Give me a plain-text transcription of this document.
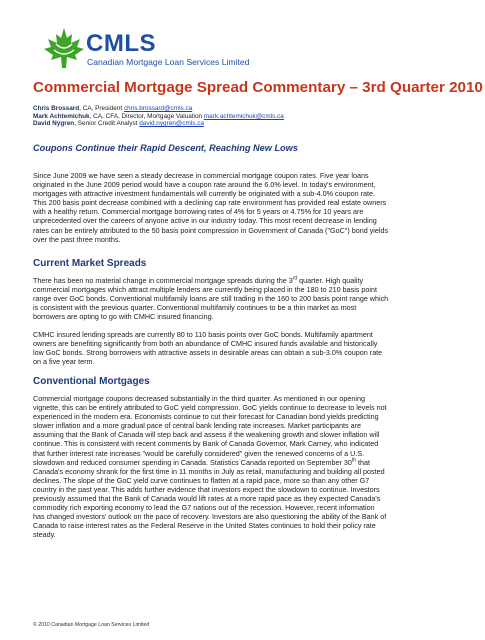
CMLS
Canadian Mortgage Loan Services Limited
Commercial Mortgage Spread Commentary – 3rd Quarter 2010
Chris Brossard, CA, President chris.brossard@cmls.ca
Mark Achtemichuk, CA, CFA, Director, Mortgage Valuation mark.achtemichuk@cmls.ca
David Nygren, Senior Credit Analyst david.nygren@cmls.ca
Coupons Continue their Rapid Descent, Reaching New Lows
Since June 2009 we have seen a steady decrease in commercial mortgage coupon rates. Five year loans
originated in the June 2009 period would have a coupon rate around the 6.0% level. In today's environment,
mortgages with attractive investment fundamentals will currently be originated with a sub-4.0% coupon rate.
This 200 basis point decrease combined with a declining cap rate environment has provided real estate owners
with a healthy return. Commercial mortgage borrowing rates of 4% for 5 years or 4.75% for 10 years are
unprecedented over the careers of anyone active in our industry today. This most recent decrease in lending
rates can be entirely attributed to the 50 basis point compression in Government of Canada ("GoC") bond yields
over the past three months.
Current Market Spreads
There has been no material change in commercial mortgage spreads during the 3rd quarter. High quality
commercial mortgages which attract multiple lenders are currently being placed in the 180 to 210 basis point
range over GoC bonds. Conventional multifamily loans are still trading in the 160 to 200 basis point range which
is consistent with the previous quarter. Conventional multifamily continues to be a thin market as most
borrowers are opting to go with CMHC insured financing.
CMHC insured lending spreads are currently 80 to 110 basis points over GoC bonds. Multifamily apartment
owners are benefiting significantly from both an abundance of CMHC insured funds available and historically
low GoC bonds. Strong borrowers with attractive assets in desirable areas can obtain a sub-3.0% coupon rate
on a five year term.
Conventional Mortgages
Commercial mortgage coupons decreased substantially in the third quarter. As mentioned in our opening
vignette, this can be entirely attributed to GoC yield compression. GoC yields continue to decrease to levels not
experienced in the modern era. Economists continue to cut their forecast for Canadian bond yields predicting
slower inflation and a more gradual pace of central bank lending rate increases. Market participants are
assuming that the Bank of Canada will step back and assess if the weakening growth and slower inflation will
continue. This is consistent with recent comments by Bank of Canada Governor, Mark Carney, who indicated
that further interest rate increases "would be carefully considered" given the renewed concerns of a U.S.
slowdown and reduced consumer spending in Canada. Statistics Canada reported on September 30th that
Canada's economy shrank for the first time in 11 months in July as retail, manufacturing and building all posted
declines. The slope of the GoC yield curve continues to flatten at a rapid pace, more so than any other G7
country in the past year. This adds further evidence that investors expect the slowdown to continue. Investors
previously assumed that the Bank of Canada would lift rates at a more rapid pace as they expected Canada's
commodity rich exporting economy to lead the G7 nations out of the recession. However, recent information
has changed investors' outlook on the pace of recovery. Investors are also questioning the ability of the Bank of
Canada to raise interest rates as the Federal Reserve in the United States continues to hold their policy rate
steady.
© 2010 Canadian Mortgage Loan Services Limited
